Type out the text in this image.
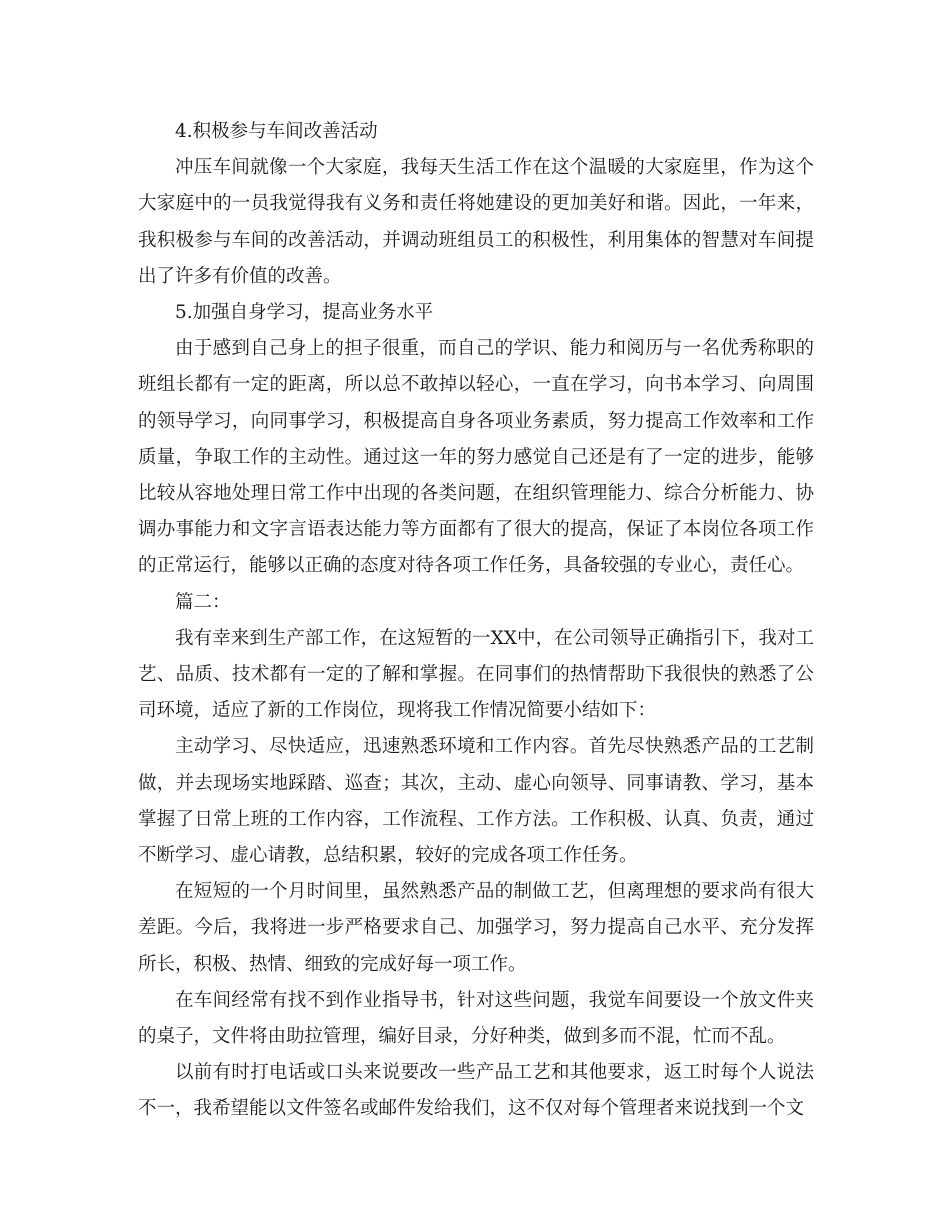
4.积极参与车间改善活动

冲压车间就像一个大家庭，我每天生活工作在这个温暖的大家庭里，作为这个大家庭中的一员我觉得我有义务和责任将她建设的更加美好和谐。因此，一年来，我积极参与车间的改善活动，并调动班组员工的积极性，利用集体的智慧对车间提出了许多有价值的改善。

5.加强自身学习，提高业务水平

由于感到自己身上的担子很重，而自己的学识、能力和阅历与一名优秀称职的班组长都有一定的距离，所以总不敢掉以轻心，一直在学习，向书本学习、向周围的领导学习，向同事学习，积极提高自身各项业务素质，努力提高工作效率和工作质量，争取工作的主动性。通过这一年的努力感觉自己还是有了一定的进步，能够比较从容地处理日常工作中出现的各类问题，在组织管理能力、综合分析能力、协调办事能力和文字言语表达能力等方面都有了很大的提高，保证了本岗位各项工作的正常运行，能够以正确的态度对待各项工作任务，具备较强的专业心，责任心。

篇二：

我有幸来到生产部工作，在这短暂的一XX中，在公司领导正确指引下，我对工艺、品质、技术都有一定的了解和掌握。在同事们的热情帮助下我很快的熟悉了公司环境，适应了新的工作岗位，现将我工作情况简要小结如下：

主动学习、尽快适应，迅速熟悉环境和工作内容。首先尽快熟悉产品的工艺制做，并去现场实地踩踏、巡查；其次，主动、虚心向领导、同事请教、学习，基本掌握了日常上班的工作内容，工作流程、工作方法。工作积极、认真、负责，通过不断学习、虚心请教，总结积累，较好的完成各项工作任务。

在短短的一个月时间里，虽然熟悉产品的制做工艺，但离理想的要求尚有很大差距。今后，我将进一步严格要求自己、加强学习，努力提高自己水平、充分发挥所长，积极、热情、细致的完成好每一项工作。

在车间经常有找不到作业指导书，针对这些问题，我觉车间要设一个放文件夹的桌子，文件将由助拉管理，编好目录，分好种类，做到多而不混，忙而不乱。

以前有时打电话或口头来说要改一些产品工艺和其他要求，返工时每个人说法不一，我希望能以文件签名或邮件发给我们，这不仅对每个管理者来说找到一个文
